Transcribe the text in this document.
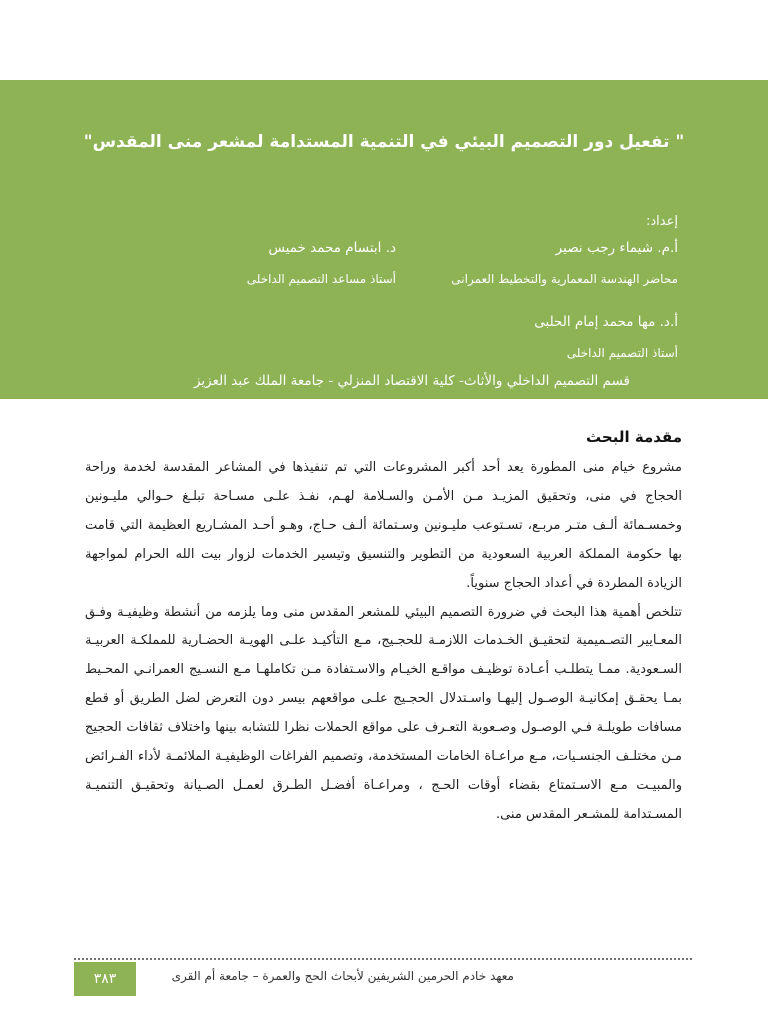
" تفعيل دور التصميم البيئي في التنمية المستدامة لمشعر منى المقدس"
إعداد:
أ.م. شيماء رجب نصير
محاضر الهندسة المعمارية والتخطيط العمرانى
د. ابتسام محمد خميس
أستاذ مساعد التصميم الداخلى
أ.د. مها محمد إمام الحلبى
أستاذ التصميم الداخلى
قسم التصميم الداخلي والأثاث- كلية الاقتصاد المنزلي - جامعة الملك عبد العزيز
مقدمة البحث

مشروع خيام منى المطورة يعد أحد أكبر المشروعات التي تم تنفيذها في المشاعر المقدسة لخدمة وراحة الحجاج في منى، وتحقيق المزيـد مـن الأمـن والسـلامة لهـم، نفـذ علـى مسـاحة تبلـغ حـوالي مليـونين وخمسـمائة ألـف متـر مربـع، تسـتوعب مليـونين وسـتمائة ألـف حـاج، وهـو أحـد المشـاريع العظيمة التي قامت بها حكومة المملكة العربية السعودية من التطوير والتنسيق وتيسير الخدمات لزوار بيت الله الحرام لمواجهة الزيادة المطردة في أعداد الحجاج سنوياً.

تتلخص أهمية هذا البحث في ضرورة التصميم البيئي للمشعر المقدس منى وما يلزمه من أنشطة وظيفيـة وفـق المعـايير التصـميمية لتحقيـق الخـدمات اللازمـة للحجـيج، مـع التأكيـد علـى الهويـة الحضـارية للمملكـة العربيـة السـعودية. ممـا يتطلـب أعـادة توظيـف مواقـع الخيـام والاسـتفادة مـن تكاملهـا مـع النسـيج العمرانـي المحـيط بمـا يحقـق إمكانيـة الوصـول إليهـا واسـتدلال الحجـيج علـى مواقعهم بيسر دون التعرض لضل الطريق أو قطع مسافات طويلـة فـي الوصـول وصـعوبة التعـرف على مواقع الحملات نظرا للتشابه بينها واختلاف ثقافات الحجيج مـن مختلـف الجنسـيات، مـع مراعـاة الخامات المستخدمة، وتصميم الفراغات الوظيفيـة الملائمـة لأداء الفـرائض والمبيـت مـع الاسـتمتاع بقضاء أوقات الحـج ، ومراعـاة أفضـل الطـرق لعمـل الصـيانة وتحقيـق التنميـة المسـتدامة للمشـعر المقدس منى.

٣٨٣	معهد خادم الحرمين الشريفين لأبحاث الحج والعمرة – جامعة أم القرى
